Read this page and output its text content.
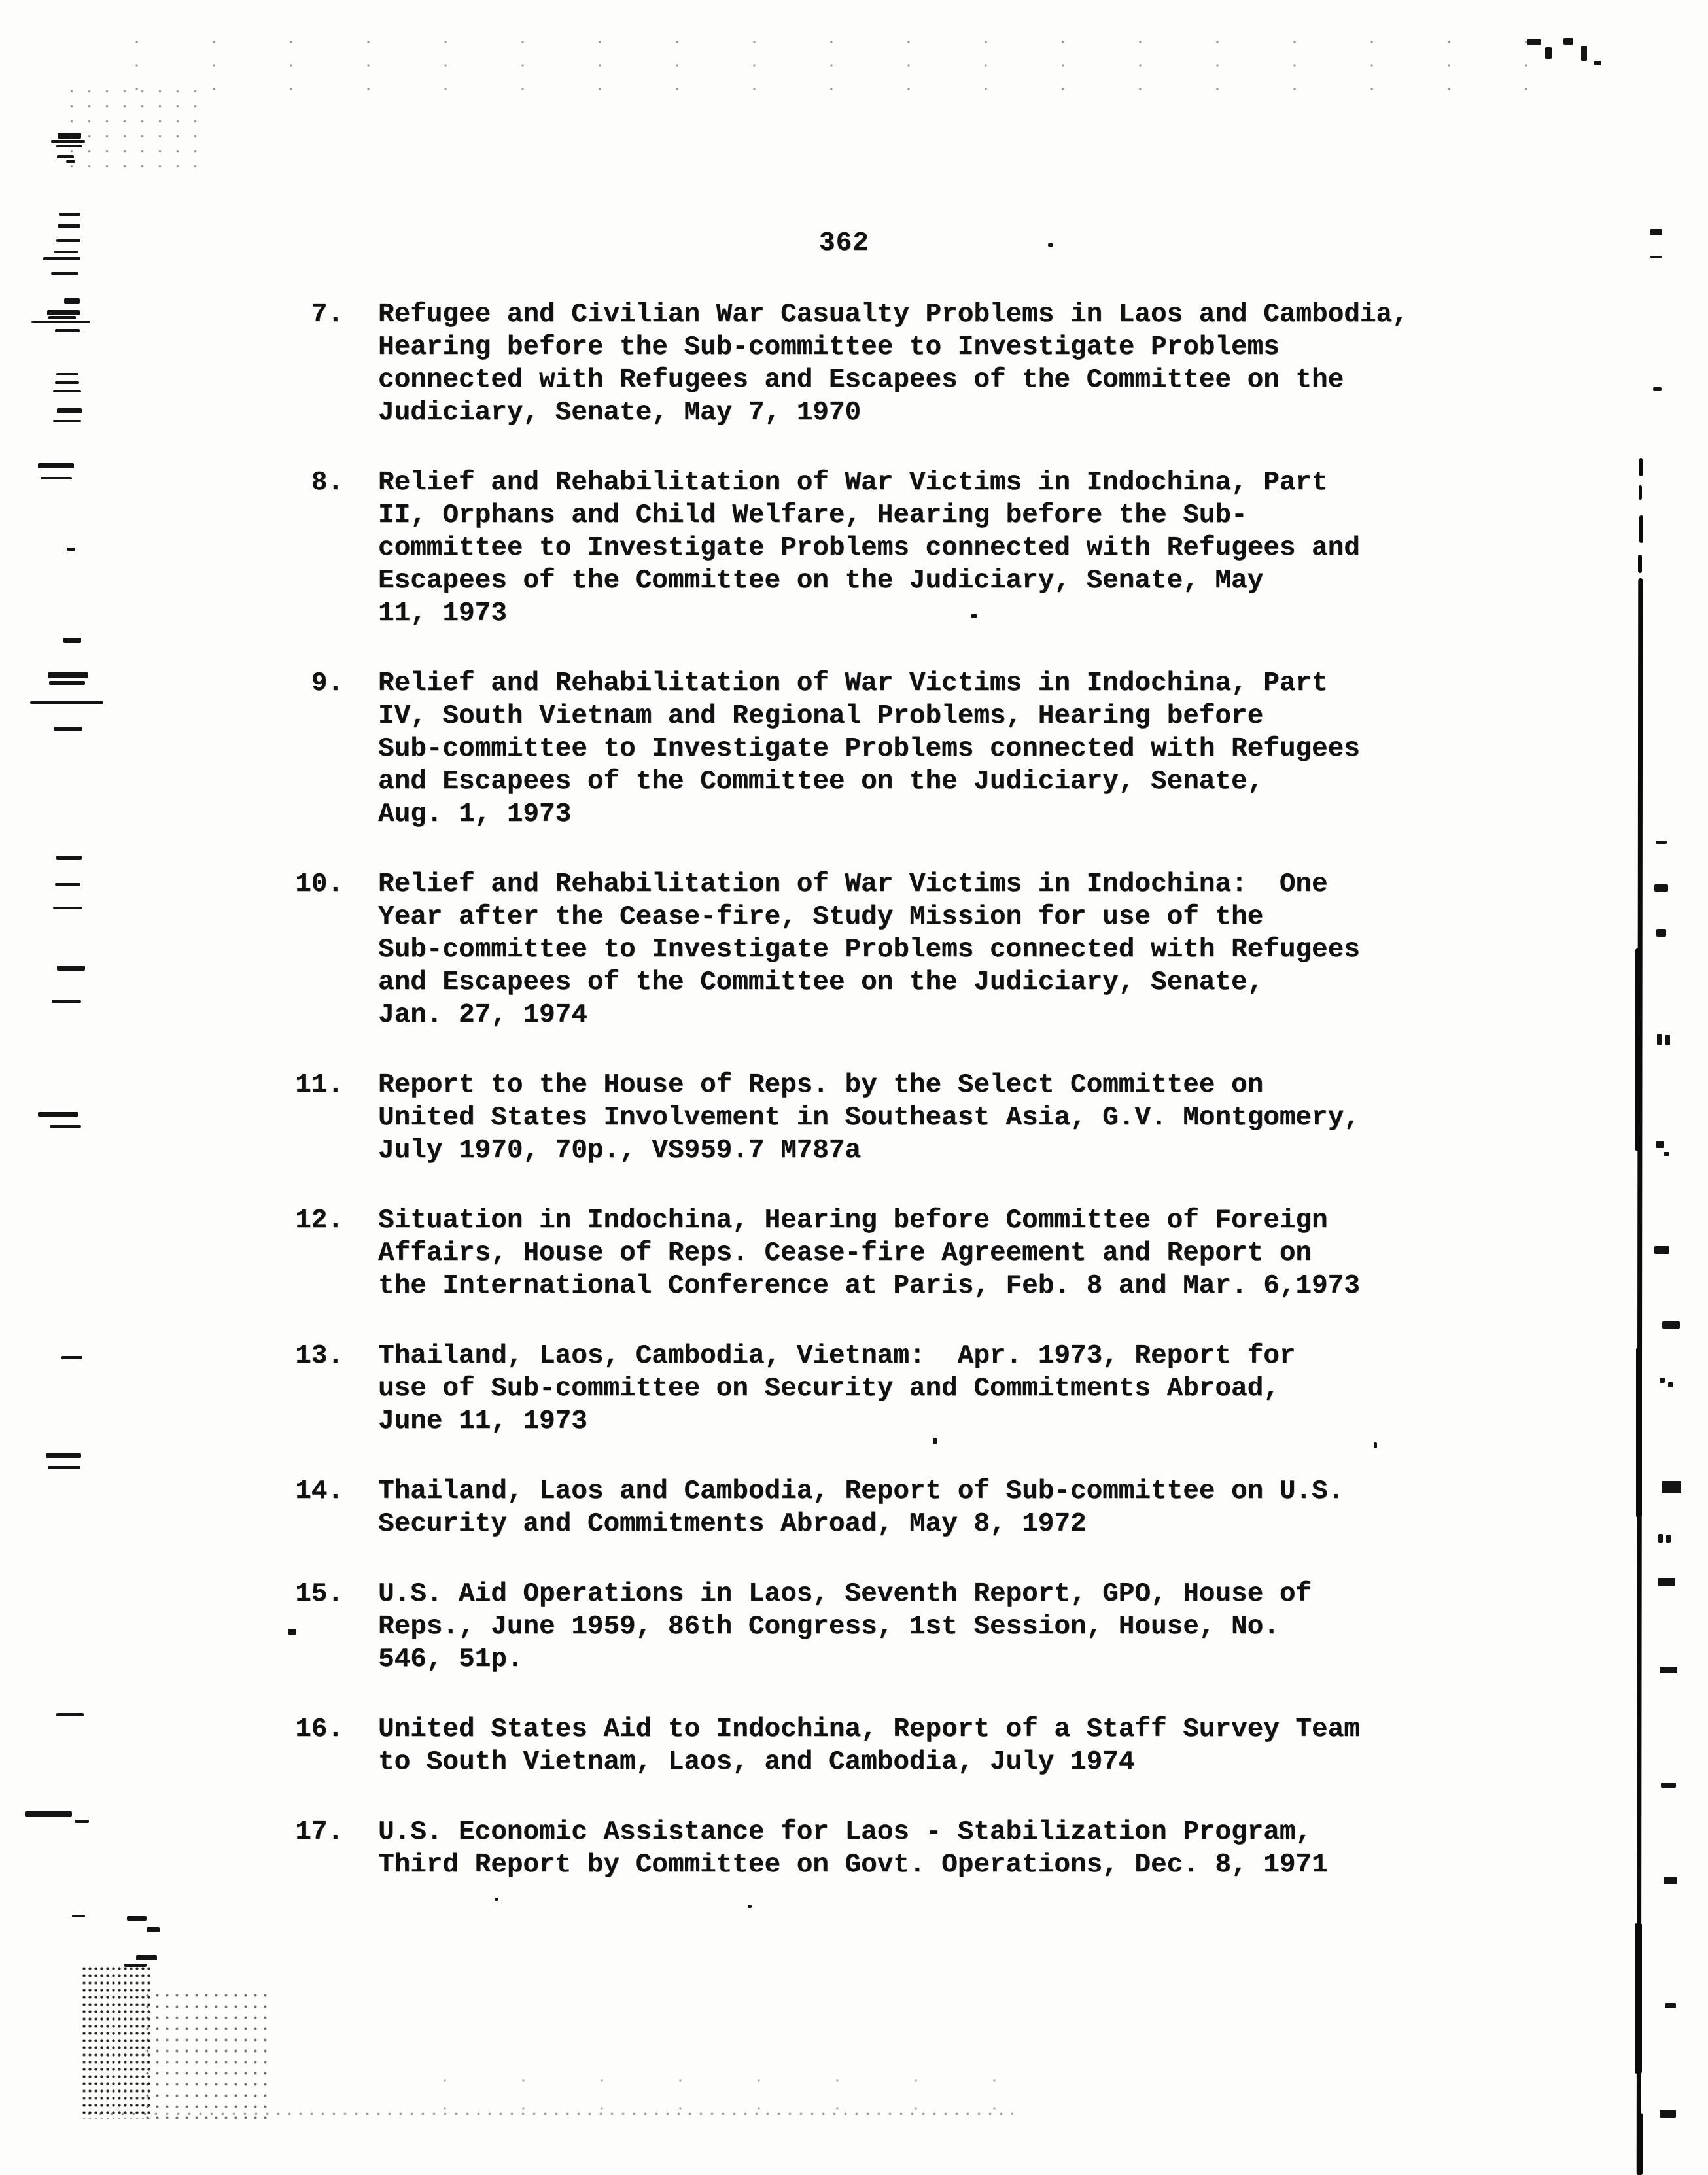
362
7. Refugee and Civilian War Casualty Problems in Laos and Cambodia,
Hearing before the Sub-committee to Investigate Problems
connected with Refugees and Escapees of the Committee on the
Judiciary, Senate, May 7, 1970
8. Relief and Rehabilitation of War Victims in Indochina, Part
II, Orphans and Child Welfare, Hearing before the Sub-
committee to Investigate Problems connected with Refugees and
Escapees of the Committee on the Judiciary, Senate, May
11, 1973
9. Relief and Rehabilitation of War Victims in Indochina, Part
IV, South Vietnam and Regional Problems, Hearing before
Sub-committee to Investigate Problems connected with Refugees
and Escapees of the Committee on the Judiciary, Senate,
Aug. 1, 1973
10. Relief and Rehabilitation of War Victims in Indochina:  One
Year after the Cease-fire, Study Mission for use of the
Sub-committee to Investigate Problems connected with Refugees
and Escapees of the Committee on the Judiciary, Senate,
Jan. 27, 1974
11. Report to the House of Reps. by the Select Committee on
United States Involvement in Southeast Asia, G.V. Montgomery,
July 1970, 70p., VS959.7 M787a
12. Situation in Indochina, Hearing before Committee of Foreign
Affairs, House of Reps. Cease-fire Agreement and Report on
the International Conference at Paris, Feb. 8 and Mar. 6,1973
13. Thailand, Laos, Cambodia, Vietnam:  Apr. 1973, Report for
use of Sub-committee on Security and Commitments Abroad,
June 11, 1973
14. Thailand, Laos and Cambodia, Report of Sub-committee on U.S.
Security and Commitments Abroad, May 8, 1972
15. U.S. Aid Operations in Laos, Seventh Report, GPO, House of
Reps., June 1959, 86th Congress, 1st Session, House, No.
546, 51p.
16. United States Aid to Indochina, Report of a Staff Survey Team
to South Vietnam, Laos, and Cambodia, July 1974
17. U.S. Economic Assistance for Laos - Stabilization Program,
Third Report by Committee on Govt. Operations, Dec. 8, 1971
